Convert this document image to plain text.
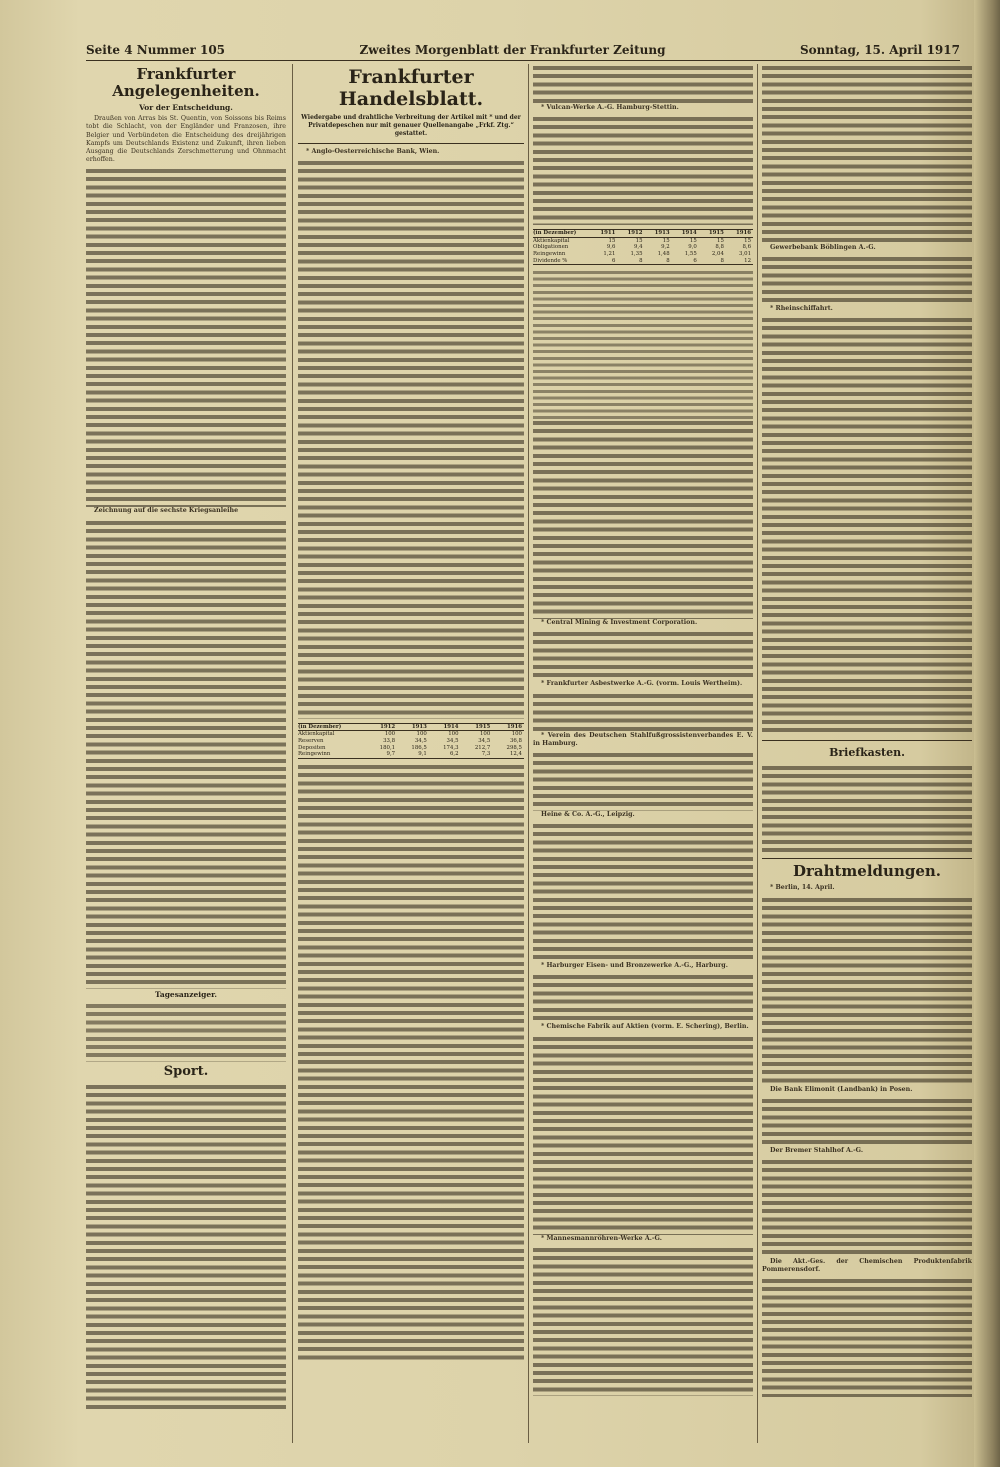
Seite 4 Nummer 105	Zweites Morgenblatt der Frankfurter Zeitung	Sonntag, 15. April 1917
Frankfurter Angelegenheiten.
Vor der Entscheidung.

Draußen von Arras bis St. Quentin, von Soissons bis Reims tobt die Schlacht, von der Engländer und Franzosen, ihre Belgier und Verbündeten die Entscheidung des dreijährigen Kampfs um Deutschlands Existenz und Zukunft, ihren lieben Ausgang die Deutschlands Zerschmetterung und Ohnmacht erhoffen.

Zeichnung auf die sechste Kriegsanleihe

Tagesanzeiger.
Sport.
Frankfurter Handelsblatt.
Wiedergabe und drahtliche Verbreitung der Artikel mit * und der Privatdepeschen nur mit genauer Quellenangabe „Frkf. Ztg.“ gestattet.

* Anglo-Oesterreichische Bank, Wien.

(in Dezember)	1912	1913	1914	1915	1916
Aktienkapital	100	100	100	100	100
Reserven	33,8	34,5	34,5	34,5	36,8
Depositen	180,1	186,5	174,3	212,7	298,5
Reingewinn	9,7	9,1	6,2	7,3	12,4

* Vulcan-Werke A.-G. Hamburg-Stettin.

(in Dezember)	1911	1912	1913	1914	1915	1916
Aktienkapital	15	15	15	15	15	15
Obligationen	9,6	9,4	9,2	9,0	8,8	8,6
Reingewinn	1,21	1,35	1,48	1,55	2,04	3,01
Dividende %	6	8	8	6	8	12

* Central Mining & Investment Corporation.

* Frankfurter Asbestwerke A.-G. (vorm. Louis Wertheim).

* Verein des Deutschen Stahlfußgrossistenverbandes E. V. in Hamburg.

Heine & Co. A.-G., Leipzig.

* Harburger Eisen- und Bronzewerke A.-G., Harburg.

* Chemische Fabrik auf Aktien (vorm. E. Schering), Berlin.

* Mannesmannröhren-Werke A.-G.

Gewerbebank Böblingen A.-G.

* Rheinschiffahrt.

Briefkasten.
Drahtmeldungen.

* Berlin, 14. April.

Die Bank Elimonit (Landbank) in Posen.

Der Bremer Stahlhof A.-G.

Die Akt.-Ges. der Chemischen Produktenfabrik Pommerensdorf.
